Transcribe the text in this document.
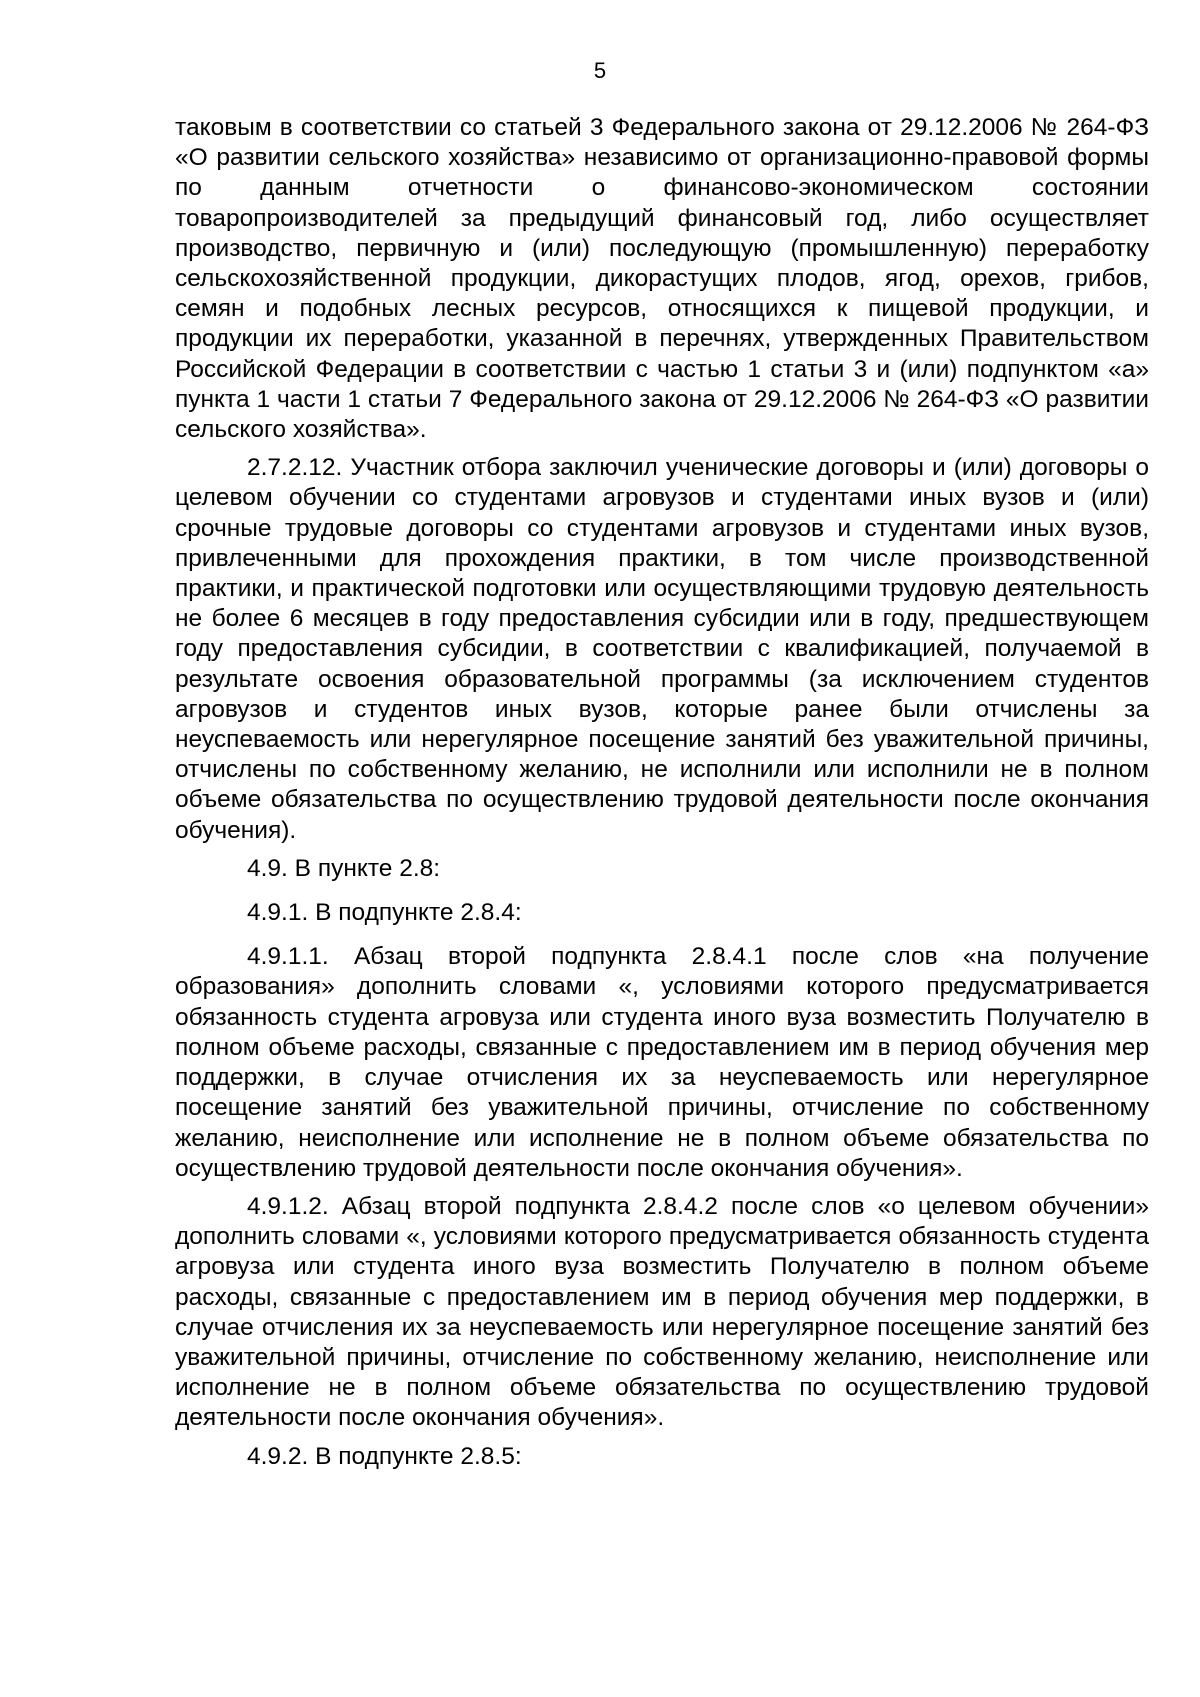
5

таковым в соответствии со статьей 3 Федерального закона от 29.12.2006 № 264-ФЗ «О развитии сельского хозяйства» независимо от организационно-правовой формы по данным отчетности о финансово-экономическом состоянии товаропроизводителей за предыдущий финансовый год, либо осуществляет производство, первичную и (или) последующую (промышленную) переработку сельскохозяйственной продукции, дикорастущих плодов, ягод, орехов, грибов, семян и подобных лесных ресурсов, относящихся к пищевой продукции, и продукции их переработки, указанной в перечнях, утвержденных Правительством Российской Федерации в соответствии с частью 1 статьи 3 и (или) подпунктом «а» пункта 1 части 1 статьи 7 Федерального закона от 29.12.2006 № 264-ФЗ «О развитии сельского хозяйства».

2.7.2.12. Участник отбора заключил ученические договоры и (или) договоры о целевом обучении со студентами агровузов и студентами иных вузов и (или) срочные трудовые договоры со студентами агровузов и студентами иных вузов, привлеченными для прохождения практики, в том числе производственной практики, и практической подготовки или осуществляющими трудовую деятельность не более 6 месяцев в году предоставления субсидии или в году, предшествующем году предоставления субсидии, в соответствии с квалификацией, получаемой в результате освоения образовательной программы (за исключением студентов агровузов и студентов иных вузов, которые ранее были отчислены за неуспеваемость или нерегулярное посещение занятий без уважительной причины, отчислены по собственному желанию, не исполнили или исполнили не в полном объеме обязательства по осуществлению трудовой деятельности после окончания обучения).

4.9. В пункте 2.8:

4.9.1. В подпункте 2.8.4:

4.9.1.1. Абзац второй подпункта 2.8.4.1 после слов «на получение образования» дополнить словами «, условиями которого предусматривается обязанность студента агровуза или студента иного вуза возместить Получателю в полном объеме расходы, связанные с предоставлением им в период обучения мер поддержки, в случае отчисления их за неуспеваемость или нерегулярное посещение занятий без уважительной причины, отчисление по собственному желанию, неисполнение или исполнение не в полном объеме обязательства по осуществлению трудовой деятельности после окончания обучения».

4.9.1.2. Абзац второй подпункта 2.8.4.2 после слов «о целевом обучении» дополнить словами «, условиями которого предусматривается обязанность студента агровуза или студента иного вуза возместить Получателю в полном объеме расходы, связанные с предоставлением им в период обучения мер поддержки, в случае отчисления их за неуспеваемость или нерегулярное посещение занятий без уважительной причины, отчисление по собственному желанию, неисполнение или исполнение не в полном объеме обязательства по осуществлению трудовой деятельности после окончания обучения».

4.9.2. В подпункте 2.8.5:
